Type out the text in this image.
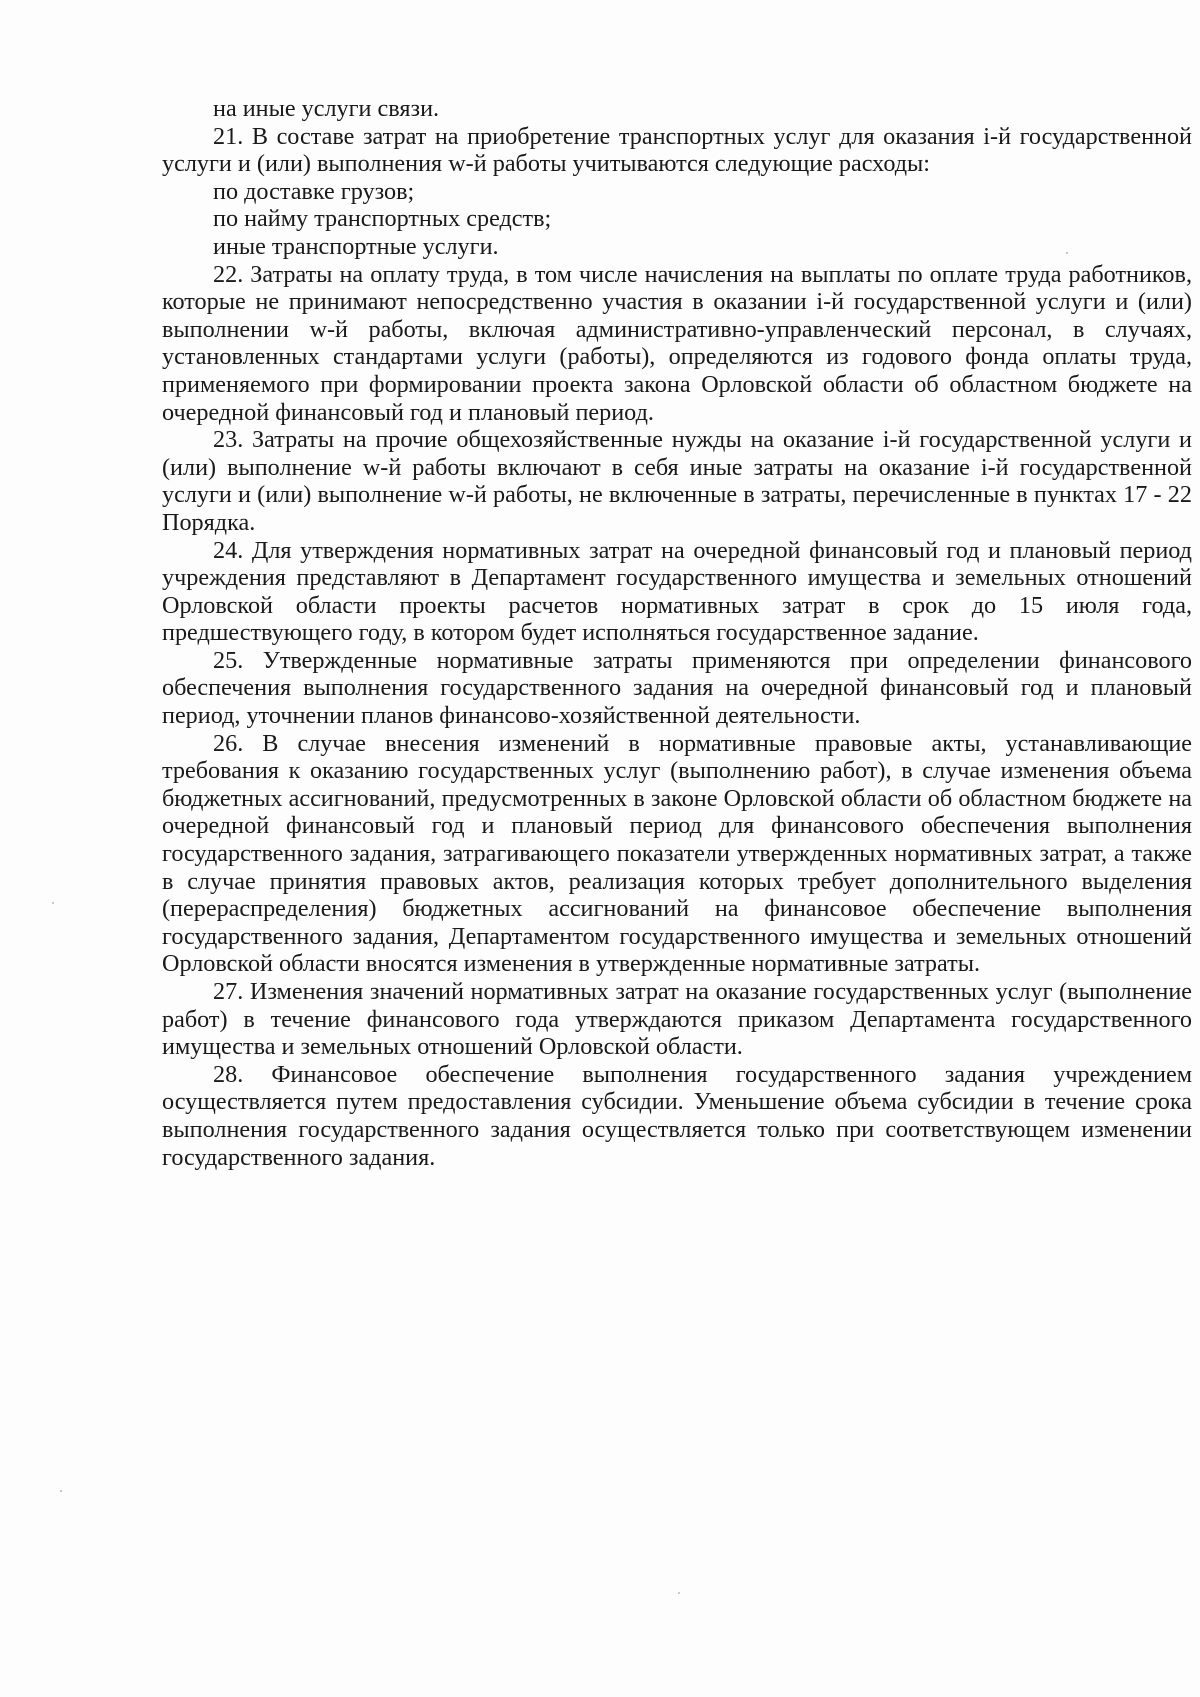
на иные услуги связи.

21. В составе затрат на приобретение транспортных услуг для оказания i-й государственной услуги и (или) выполнения w-й работы учитываются следующие расходы:

по доставке грузов;

по найму транспортных средств;

иные транспортные услуги.

22. Затраты на оплату труда, в том числе начисления на выплаты по оплате труда работников, которые не принимают непосредственно участия в оказании i-й государственной услуги и (или) выполнении w-й работы, включая административно-управленческий персонал, в случаях, установленных стандартами услуги (работы), определяются из годового фонда оплаты труда, применяемого при формировании проекта закона Орловской области об областном бюджете на очередной финансовый год и плановый период.

23. Затраты на прочие общехозяйственные нужды на оказание i-й государственной услуги и (или) выполнение w-й работы включают в себя иные затраты на оказание i-й государственной услуги и (или) выполнение w-й работы, не включенные в затраты, перечисленные в пунктах 17 - 22 Порядка.

24. Для утверждения нормативных затрат на очередной финансовый год и плановый период учреждения представляют в Департамент государственного имущества и земельных отношений Орловской области проекты расчетов нормативных затрат в срок до 15 июля года, предшествующего году, в котором будет исполняться государственное задание.

25. Утвержденные нормативные затраты применяются при определении финансового обеспечения выполнения государственного задания на очередной финансовый год и плановый период, уточнении планов финансово-хозяйственной деятельности.

26. В случае внесения изменений в нормативные правовые акты, устанавливающие требования к оказанию государственных услуг (выполнению работ), в случае изменения объема бюджетных ассигнований, предусмотренных в законе Орловской области об областном бюджете на очередной финансовый год и плановый период для финансового обеспечения выполнения государственного задания, затрагивающего показатели утвержденных нормативных затрат, а также в случае принятия правовых актов, реализация которых требует дополнительного выделения (перераспределения) бюджетных ассигнований на финансовое обеспечение выполнения государственного задания, Департаментом государственного имущества и земельных отношений Орловской области вносятся изменения в утвержденные нормативные затраты.

27. Изменения значений нормативных затрат на оказание государственных услуг (выполнение работ) в течение финансового года утверждаются приказом Департамента государственного имущества и земельных отношений Орловской области.

28. Финансовое обеспечение выполнения государственного задания учреждением осуществляется путем предоставления субсидии. Уменьшение объема субсидии в течение срока выполнения государственного задания осуществляется только при соответствующем изменении государственного задания.
